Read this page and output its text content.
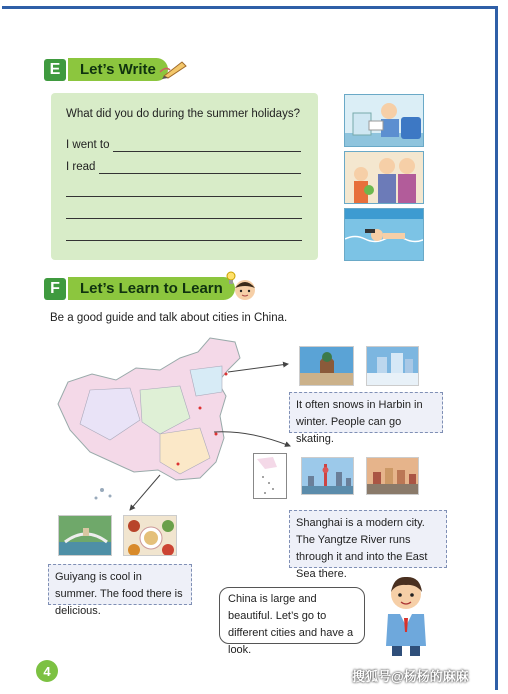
E	Let’s Write
What did you do during the summer holidays?
I went to
I read
F	Let’s Learn to Learn
Be a good guide and talk about cities in China.
It often snows in Harbin in winter. People can go skating.
Shanghai is a modern city. The Yangtze River runs through it and into the East Sea there.
Guiyang is cool in summer. The food there is delicious.
China is large and beautiful. Let’s go to different cities and have a look.
4	搜狐号@杨杨的麻麻
